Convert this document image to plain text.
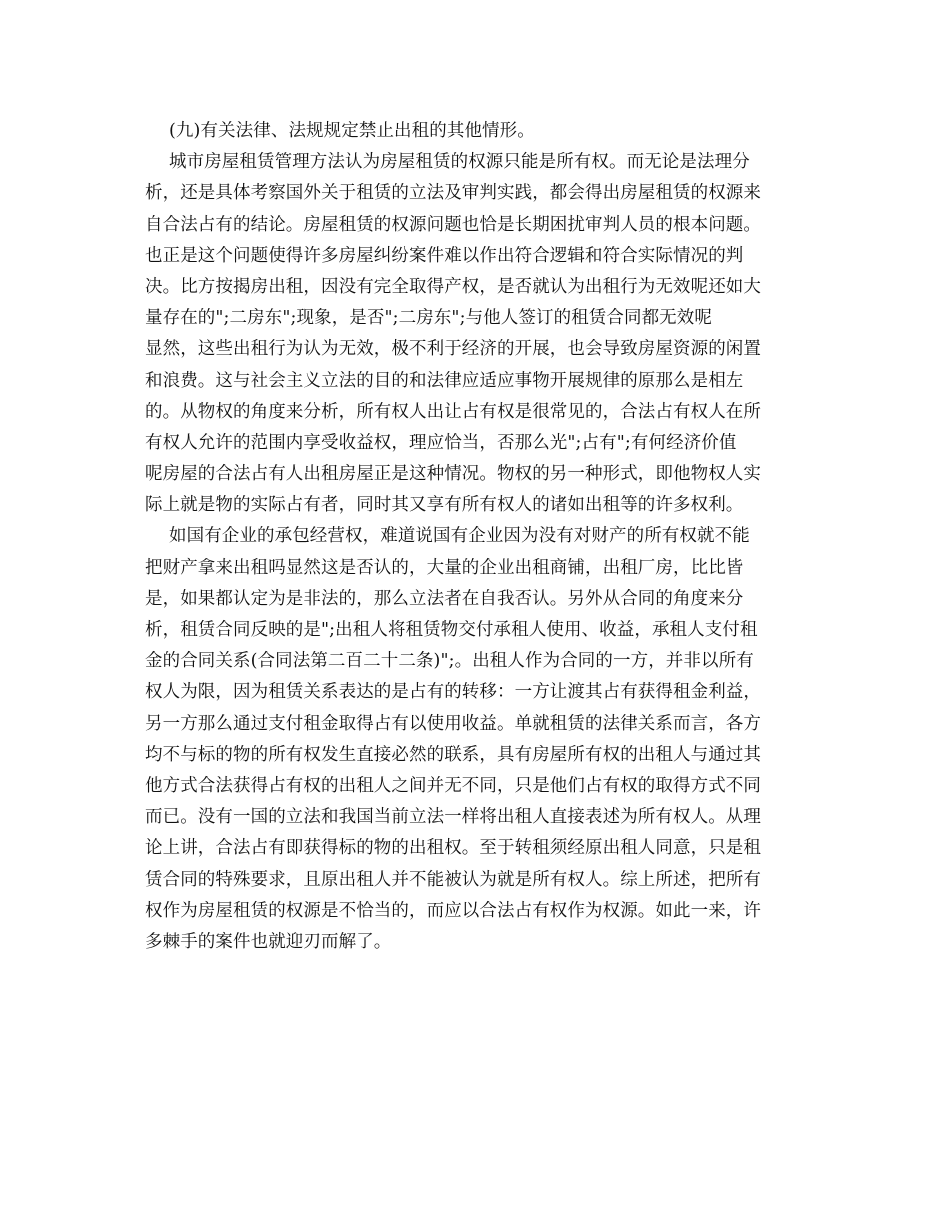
(九)有关法律、法规规定禁止出租的其他情形。
城市房屋租赁管理方法认为房屋租赁的权源只能是所有权。而无论是法理分
析，还是具体考察国外关于租赁的立法及审判实践，都会得出房屋租赁的权源来
自合法占有的结论。房屋租赁的权源问题也恰是长期困扰审判人员的根本问题。
也正是这个问题使得许多房屋纠纷案件难以作出符合逻辑和符合实际情况的判
决。比方按揭房出租，因没有完全取得产权，是否就认为出租行为无效呢还如大
量存在的";二房东";现象，是否";二房东";与他人签订的租赁合同都无效呢
显然，这些出租行为认为无效，极不利于经济的开展，也会导致房屋资源的闲置
和浪费。这与社会主义立法的目的和法律应适应事物开展规律的原那么是相左
的。从物权的角度来分析，所有权人出让占有权是很常见的，合法占有权人在所
有权人允许的范围内享受收益权，理应恰当，否那么光";占有";有何经济价值
呢房屋的合法占有人出租房屋正是这种情况。物权的另一种形式，即他物权人实
际上就是物的实际占有者，同时其又享有所有权人的诸如出租等的许多权利。
如国有企业的承包经营权，难道说国有企业因为没有对财产的所有权就不能
把财产拿来出租吗显然这是否认的，大量的企业出租商铺，出租厂房，比比皆
是，如果都认定为是非法的，那么立法者在自我否认。另外从合同的角度来分
析，租赁合同反映的是";出租人将租赁物交付承租人使用、收益，承租人支付租
金的合同关系(合同法第二百二十二条)";。出租人作为合同的一方，并非以所有
权人为限，因为租赁关系表达的是占有的转移：一方让渡其占有获得租金利益，
另一方那么通过支付租金取得占有以使用收益。单就租赁的法律关系而言，各方
均不与标的物的所有权发生直接必然的联系，具有房屋所有权的出租人与通过其
他方式合法获得占有权的出租人之间并无不同，只是他们占有权的取得方式不同
而已。没有一国的立法和我国当前立法一样将出租人直接表述为所有权人。从理
论上讲，合法占有即获得标的物的出租权。至于转租须经原出租人同意，只是租
赁合同的特殊要求，且原出租人并不能被认为就是所有权人。综上所述，把所有
权作为房屋租赁的权源是不恰当的，而应以合法占有权作为权源。如此一来，许
多棘手的案件也就迎刃而解了。
